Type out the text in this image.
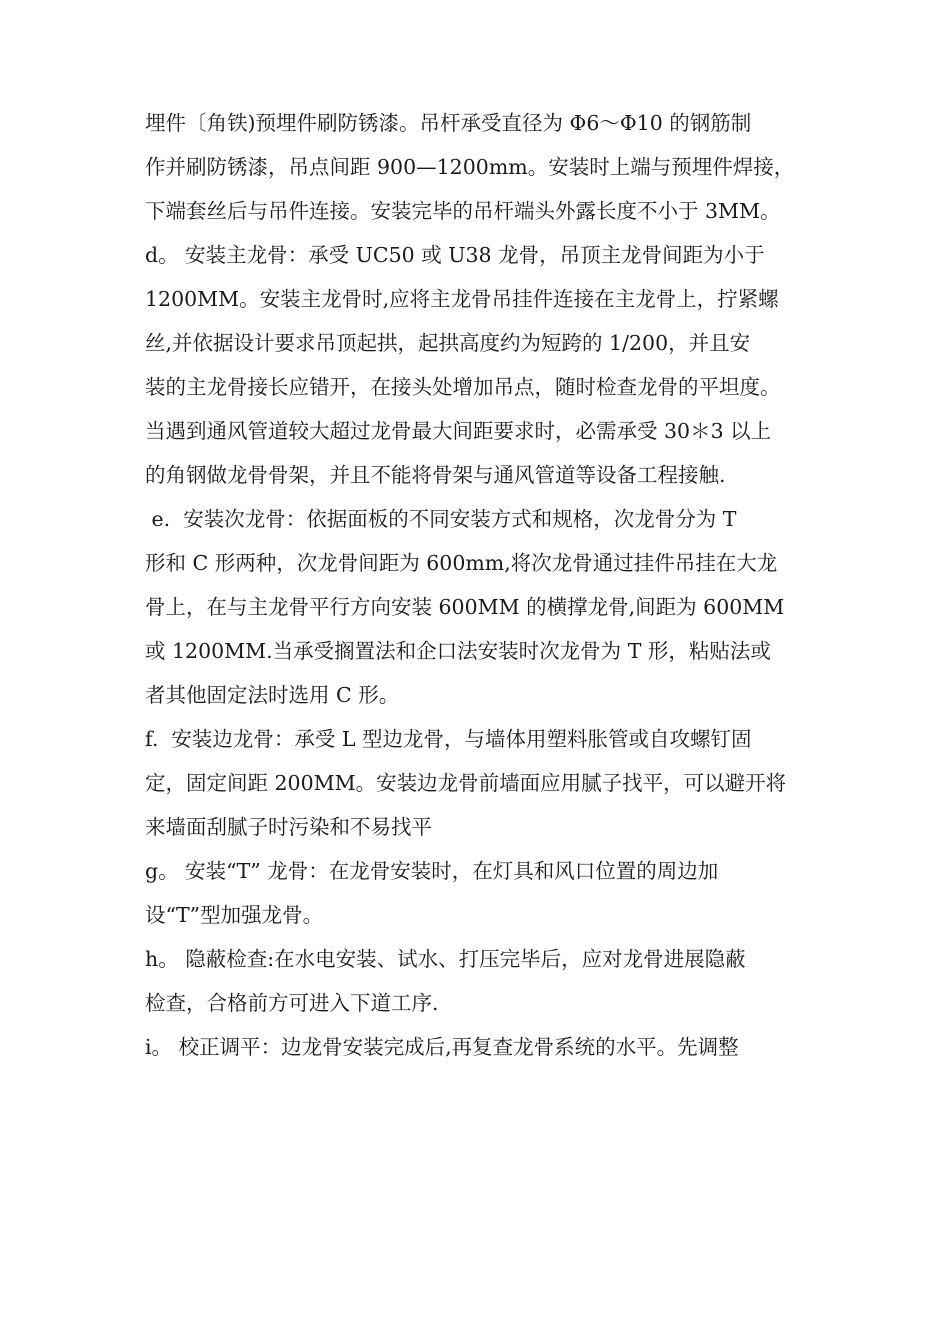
埋件〔角铁)预埋件刷防锈漆。吊杆承受直径为 Φ6～Φ10 的钢筋制
作并刷防锈漆，吊点间距 900—1200mm。安装时上端与预埋件焊接，
下端套丝后与吊件连接。安装完毕的吊杆端头外露长度不小于 3MM。
d。 安装主龙骨：承受 UC50 或 U38 龙骨，吊顶主龙骨间距为小于
1200MM。安装主龙骨时,应将主龙骨吊挂件连接在主龙骨上，拧紧螺
丝,并依据设计要求吊顶起拱，起拱高度约为短跨的 1/200，并且安
装的主龙骨接长应错开，在接头处增加吊点，随时检查龙骨的平坦度。
当遇到通风管道较大超过龙骨最大间距要求时，必需承受 30＊3 以上
的角钢做龙骨骨架，并且不能将骨架与通风管道等设备工程接触.
e.  安装次龙骨：依据面板的不同安装方式和规格，次龙骨分为 T
形和 C 形两种，次龙骨间距为 600mm,将次龙骨通过挂件吊挂在大龙
骨上，在与主龙骨平行方向安装 600MM 的横撑龙骨,间距为 600MM
或 1200MM.当承受搁置法和企口法安装时次龙骨为 T 形，粘贴法或
者其他固定法时选用 C 形。
f.  安装边龙骨：承受 L 型边龙骨，与墙体用塑料胀管或自攻螺钉固
定，固定间距 200MM。安装边龙骨前墙面应用腻子找平，可以避开将
来墙面刮腻子时污染和不易找平
g。 安装“T” 龙骨：在龙骨安装时，在灯具和风口位置的周边加
设“T”型加强龙骨。
h。 隐蔽检查:在水电安装、试水、打压完毕后，应对龙骨进展隐蔽
检查，合格前方可进入下道工序.
i。 校正调平：边龙骨安装完成后,再复查龙骨系统的水平。先调整
